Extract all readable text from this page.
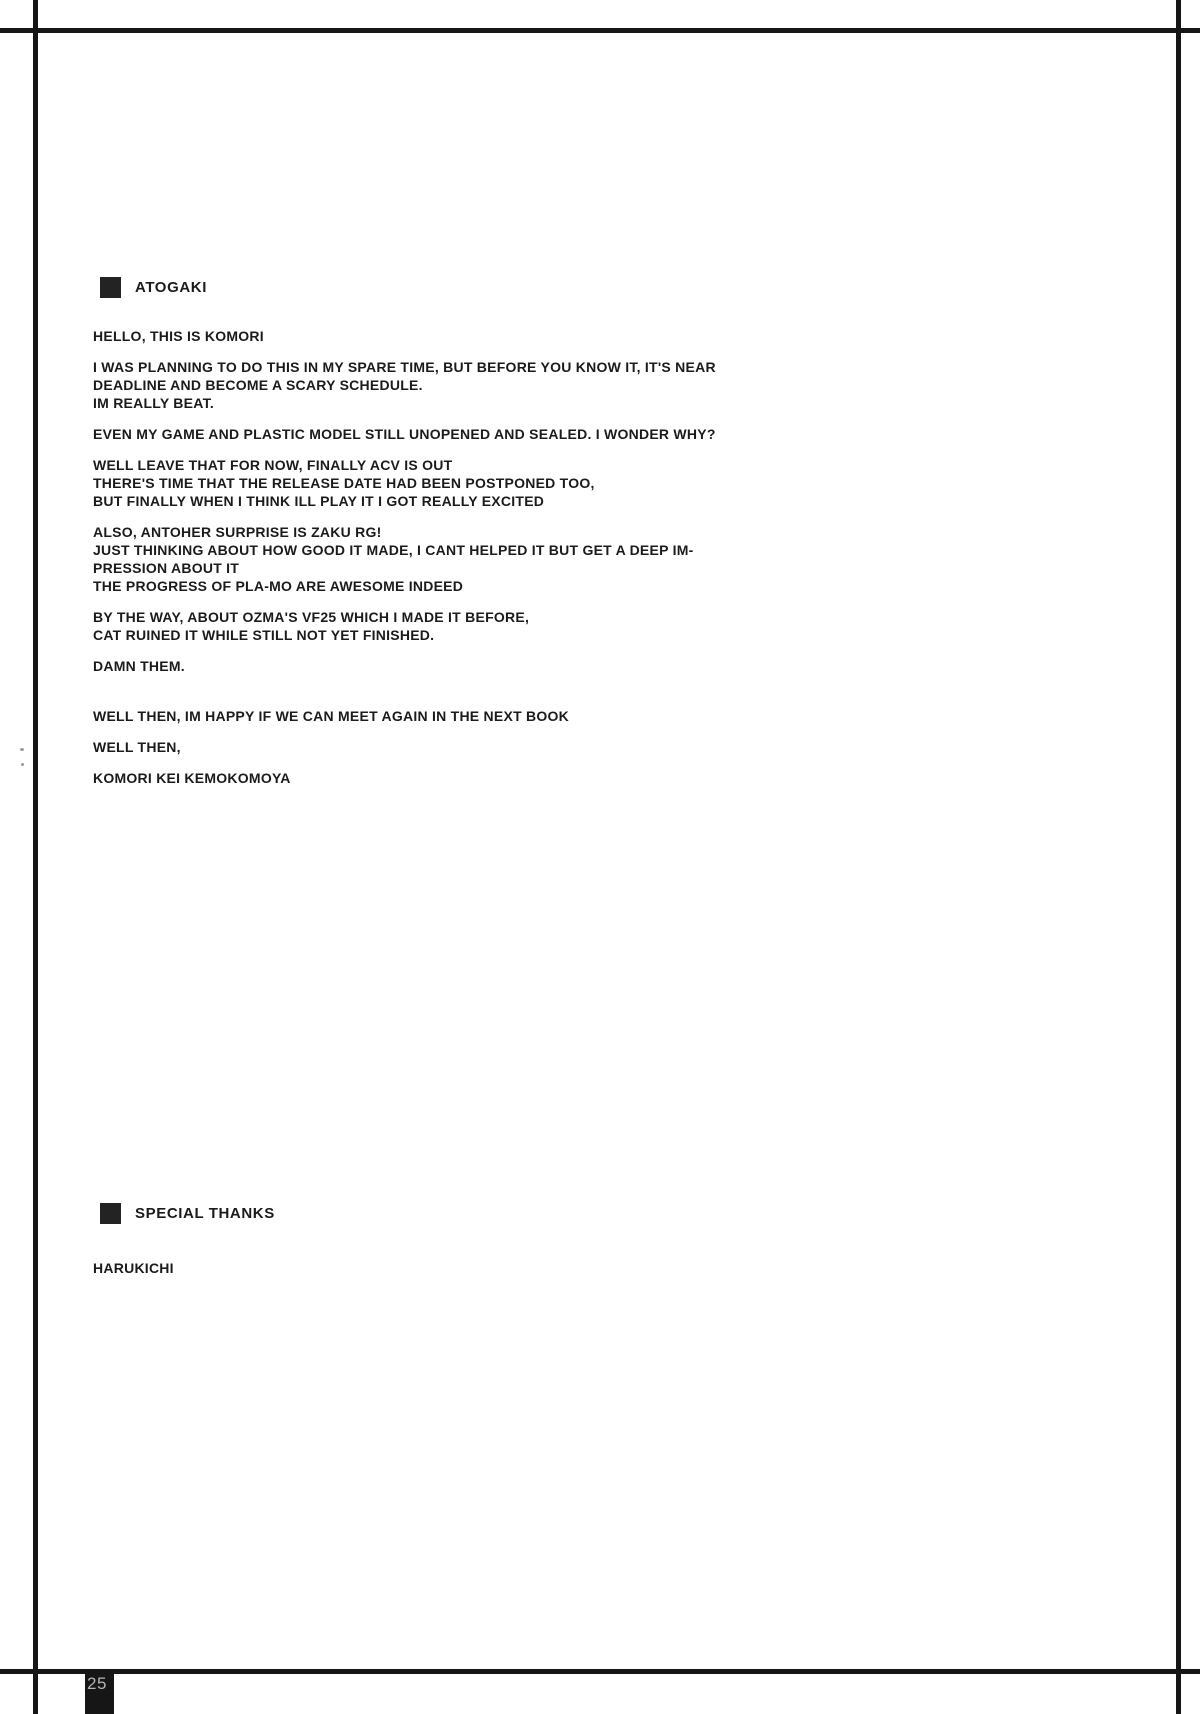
ATOGAKI
HELLO, THIS IS KOMORI
I WAS PLANNING TO DO THIS IN MY SPARE TIME, BUT BEFORE YOU KNOW IT, IT'S NEAR
DEADLINE AND BECOME A SCARY SCHEDULE.
IM REALLY BEAT.
EVEN MY GAME AND PLASTIC MODEL STILL UNOPENED AND SEALED. I WONDER WHY?
WELL LEAVE THAT FOR NOW, FINALLY ACV IS OUT
THERE'S TIME THAT THE RELEASE DATE HAD BEEN POSTPONED TOO,
BUT FINALLY WHEN I THINK ILL PLAY IT I GOT REALLY EXCITED
ALSO, ANTOHER SURPRISE IS ZAKU RG!
JUST THINKING ABOUT HOW GOOD IT MADE, I CANT HELPED IT BUT GET A DEEP IM-
PRESSION ABOUT IT
THE PROGRESS OF PLA-MO ARE AWESOME INDEED
BY THE WAY, ABOUT OZMA'S VF25 WHICH I MADE IT BEFORE,
CAT RUINED IT WHILE STILL NOT YET FINISHED.
DAMN THEM.
WELL THEN, IM HAPPY IF WE CAN MEET AGAIN IN THE NEXT BOOK
WELL THEN,
KOMORI KEI KEMOKOMOYA
SPECIAL THANKS
HARUKICHI
25
